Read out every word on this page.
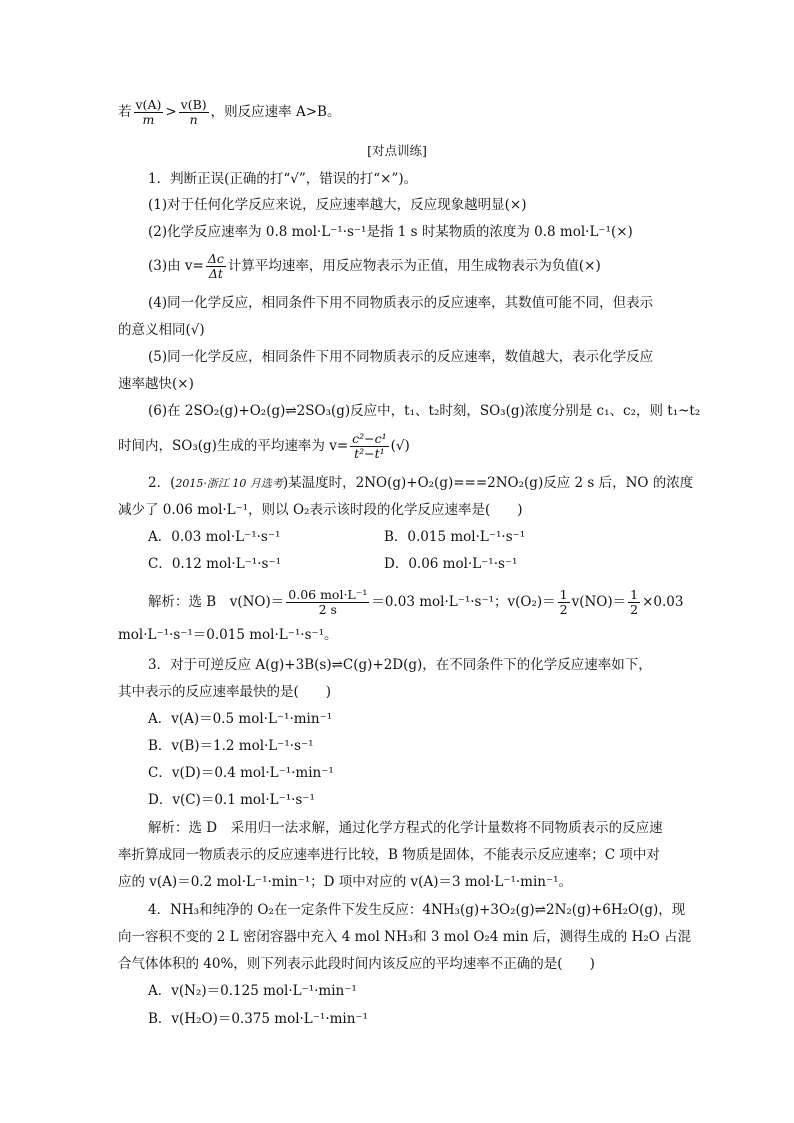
若 $\frac{v(A)}{m} > \frac{v(B)}{n}$ ，则反应速率 A>B。
[对点训练]
1．判断正误(正确的打“√”，错误的打“×”)。
(1)对于任何化学反应来说，反应速率越大，反应现象越明显(×)
(2)化学反应速率为 0.8 mol·L⁻¹·s⁻¹是指 1 s 时某物质的浓度为 0.8 mol·L⁻¹(×)
(3)由 $v= \frac{\Delta c}{\Delta t}$ 计算平均速率，用反应物表示为正值，用生成物表示为负值(×)
(4)同一化学反应，相同条件下用不同物质表示的反应速率，其数值可能不同，但表示
的意义相同(√)
(5)同一化学反应，相同条件下用不同物质表示的反应速率，数值越大，表示化学反应
速率越快(×)
(6)在 2SO₂(g)+O₂(g)⇌2SO₃(g)反应中，t₁、t₂时刻，SO₃(g)浓度分别是 c₁、c₂，则 t₁~t₂
时间内，SO₃(g)生成的平均速率为 $v= \frac{\text{c²−c¹}}{\text{t²−t¹}}$ (√)
2．(2015·浙江 10 月选考)某温度时，2NO(g)+O₂(g)===2NO₂(g)反应 2 s 后，NO 的浓度
减少了 0.06 mol·L⁻¹，则以 O₂表示该时段的化学反应速率是(　　)
A．0.03 mol·L⁻¹·s⁻¹	B．0.015 mol·L⁻¹·s⁻¹
C．0.12 mol·L⁻¹·s⁻¹	D．0.06 mol·L⁻¹·s⁻¹
解析：选 B　$v(NO)= \frac{\text{0.06 mol·L⁻¹}}{2 s} =0.03$ mol·L⁻¹·s⁻¹；$v(O_2)= \frac{1}{2} v(NO)= \frac{1}{2} \times 0.03$
mol·L⁻¹·s⁻¹＝0.015 mol·L⁻¹·s⁻¹。
3．对于可逆反应 A(g)+3B(s)⇌C(g)+2D(g)，在不同条件下的化学反应速率如下，
其中表示的反应速率最快的是(　　)
A．v(A)＝0.5 mol·L⁻¹·min⁻¹
B．v(B)＝1.2 mol·L⁻¹·s⁻¹
C．v(D)＝0.4 mol·L⁻¹·min⁻¹
D．v(C)＝0.1 mol·L⁻¹·s⁻¹
解析：选 D　采用归一法求解，通过化学方程式的化学计量数将不同物质表示的反应速
率折算成同一物质表示的反应速率进行比较，B 物质是固体，不能表示反应速率；C 项中对
应的 v(A)＝0.2 mol·L⁻¹·min⁻¹；D 项中对应的 v(A)＝3 mol·L⁻¹·min⁻¹。
4．NH₃和纯净的 O₂在一定条件下发生反应：4NH₃(g)+3O₂(g)⇌2N₂(g)+6H₂O(g)，现
向一容积不变的 2 L 密闭容器中充入 4 mol NH₃和 3 mol O₂4 min 后，测得生成的 H₂O 占混
合气体体积的 40%，则下列表示此段时间内该反应的平均速率不正确的是(　　)
A．v(N₂)＝0.125 mol·L⁻¹·min⁻¹
B．v(H₂O)＝0.375 mol·L⁻¹·min⁻¹
